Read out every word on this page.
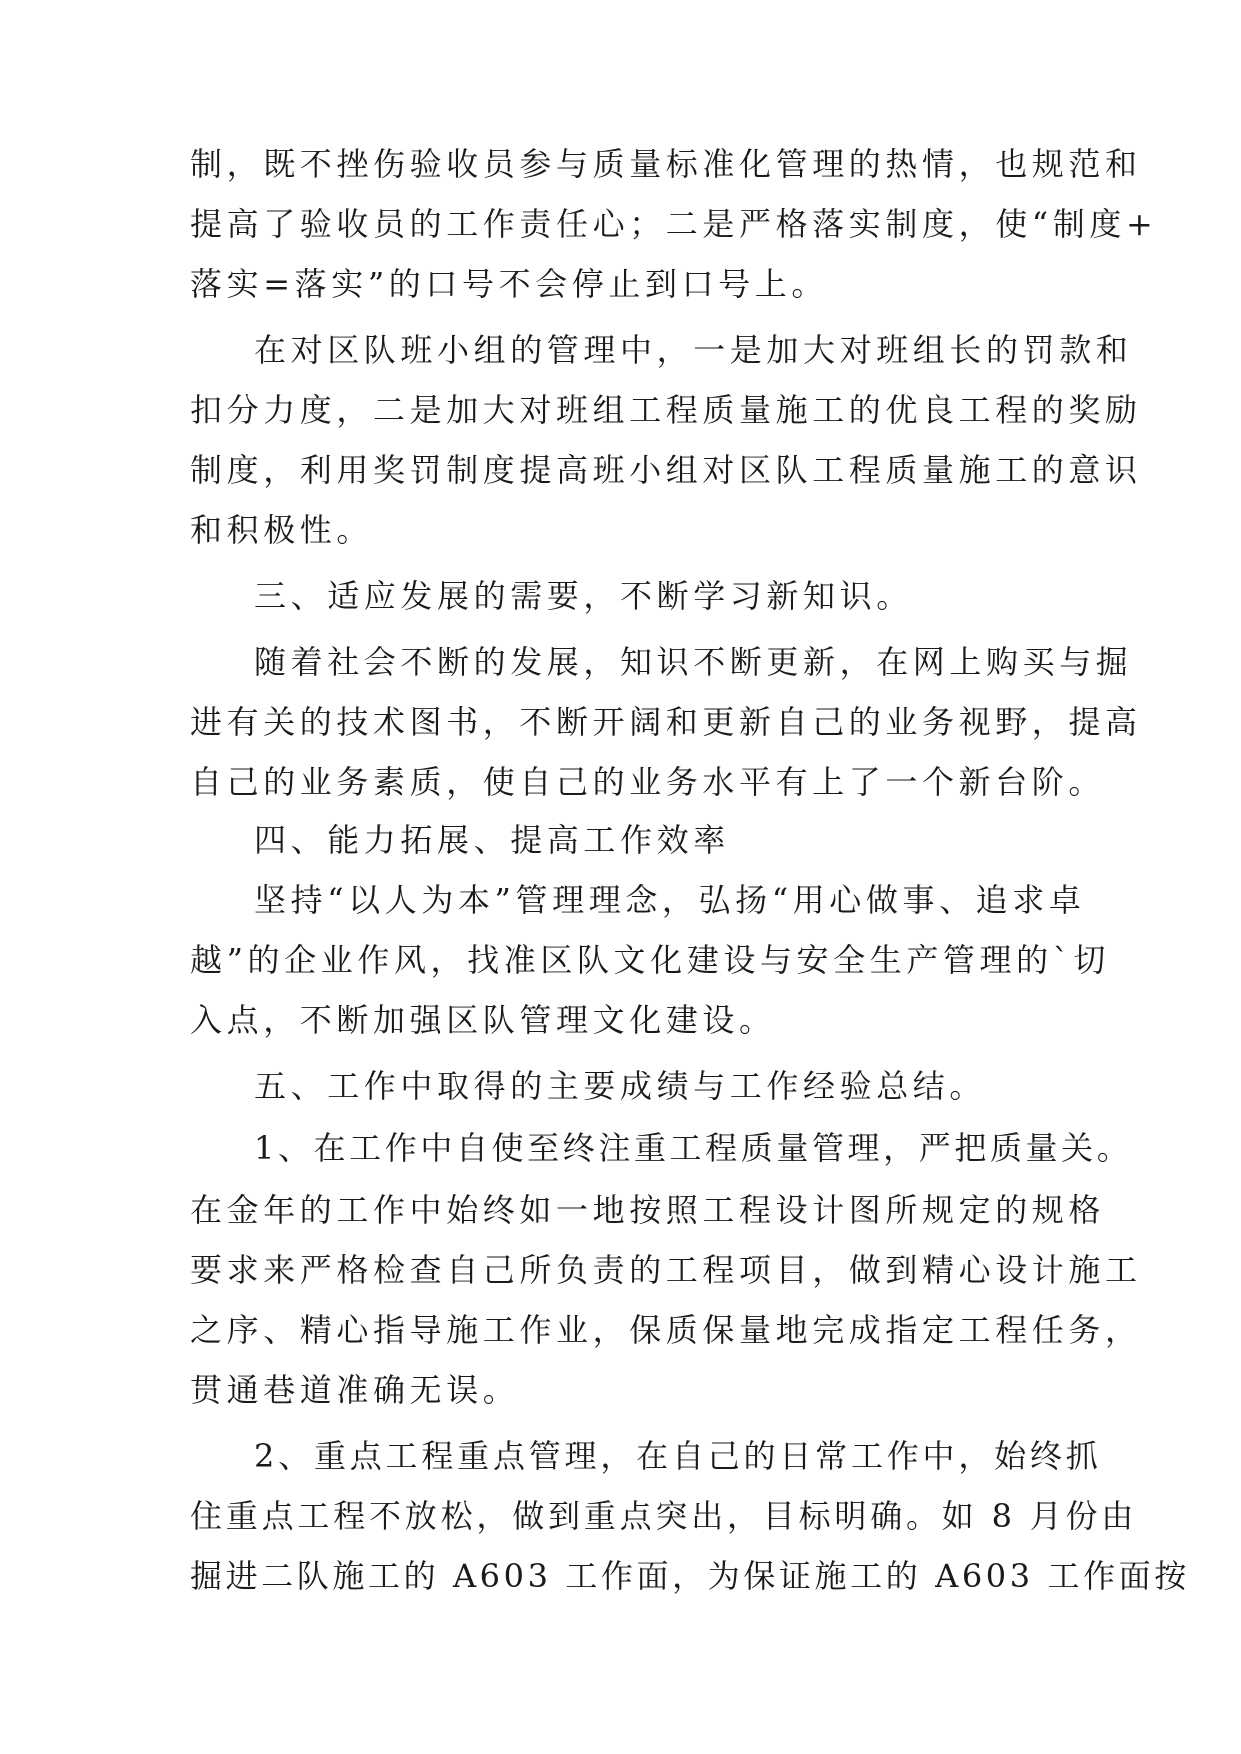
制，既不挫伤验收员参与质量标准化管理的热情，也规范和
提高了验收员的工作责任心；二是严格落实制度，使“制度+
落实=落实”的口号不会停止到口号上。
在对区队班小组的管理中，一是加大对班组长的罚款和
扣分力度，二是加大对班组工程质量施工的优良工程的奖励
制度，利用奖罚制度提高班小组对区队工程质量施工的意识
和积极性。
三、适应发展的需要，不断学习新知识。
随着社会不断的发展，知识不断更新，在网上购买与掘
进有关的技术图书，不断开阔和更新自己的业务视野，提高
自己的业务素质，使自己的业务水平有上了一个新台阶。
四、能力拓展、提高工作效率
坚持“以人为本”管理理念，弘扬“用心做事、追求卓
越”的企业作风，找准区队文化建设与安全生产管理的`切
入点，不断加强区队管理文化建设。
五、工作中取得的主要成绩与工作经验总结。
1、在工作中自使至终注重工程质量管理，严把质量关。
在金年的工作中始终如一地按照工程设计图所规定的规格
要求来严格检查自己所负责的工程项目，做到精心设计施工
之序、精心指导施工作业，保质保量地完成指定工程任务，
贯通巷道准确无误。
2、重点工程重点管理，在自己的日常工作中，始终抓
住重点工程不放松，做到重点突出，目标明确。如 8 月份由
掘进二队施工的 A603 工作面，为保证施工的 A603 工作面按
